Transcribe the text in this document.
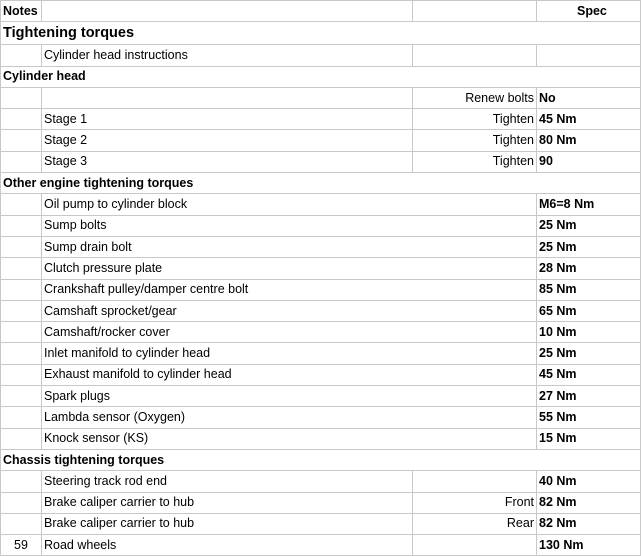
Notes			Spec
Tightening torques			
	Cylinder head instructions		
Cylinder head			
		Renew bolts	No
	Stage 1	Tighten	45 Nm
	Stage 2	Tighten	80 Nm
	Stage 3	Tighten	90
Other engine tightening torques			
	Oil pump to cylinder block		M6=8 Nm
	Sump bolts		25 Nm
	Sump drain bolt		25 Nm
	Clutch pressure plate		28 Nm
	Crankshaft pulley/damper centre bolt		85 Nm
	Camshaft sprocket/gear		65 Nm
	Camshaft/rocker cover		10 Nm
	Inlet manifold to cylinder head		25 Nm
	Exhaust manifold to cylinder head		45 Nm
	Spark plugs		27 Nm
	Lambda sensor (Oxygen)		55 Nm
	Knock sensor (KS)		15 Nm
Chassis tightening torques			
	Steering track rod end		40 Nm
	Brake caliper carrier to hub	Front	82 Nm
	Brake caliper carrier to hub	Rear	82 Nm
59	Road wheels		130 Nm
